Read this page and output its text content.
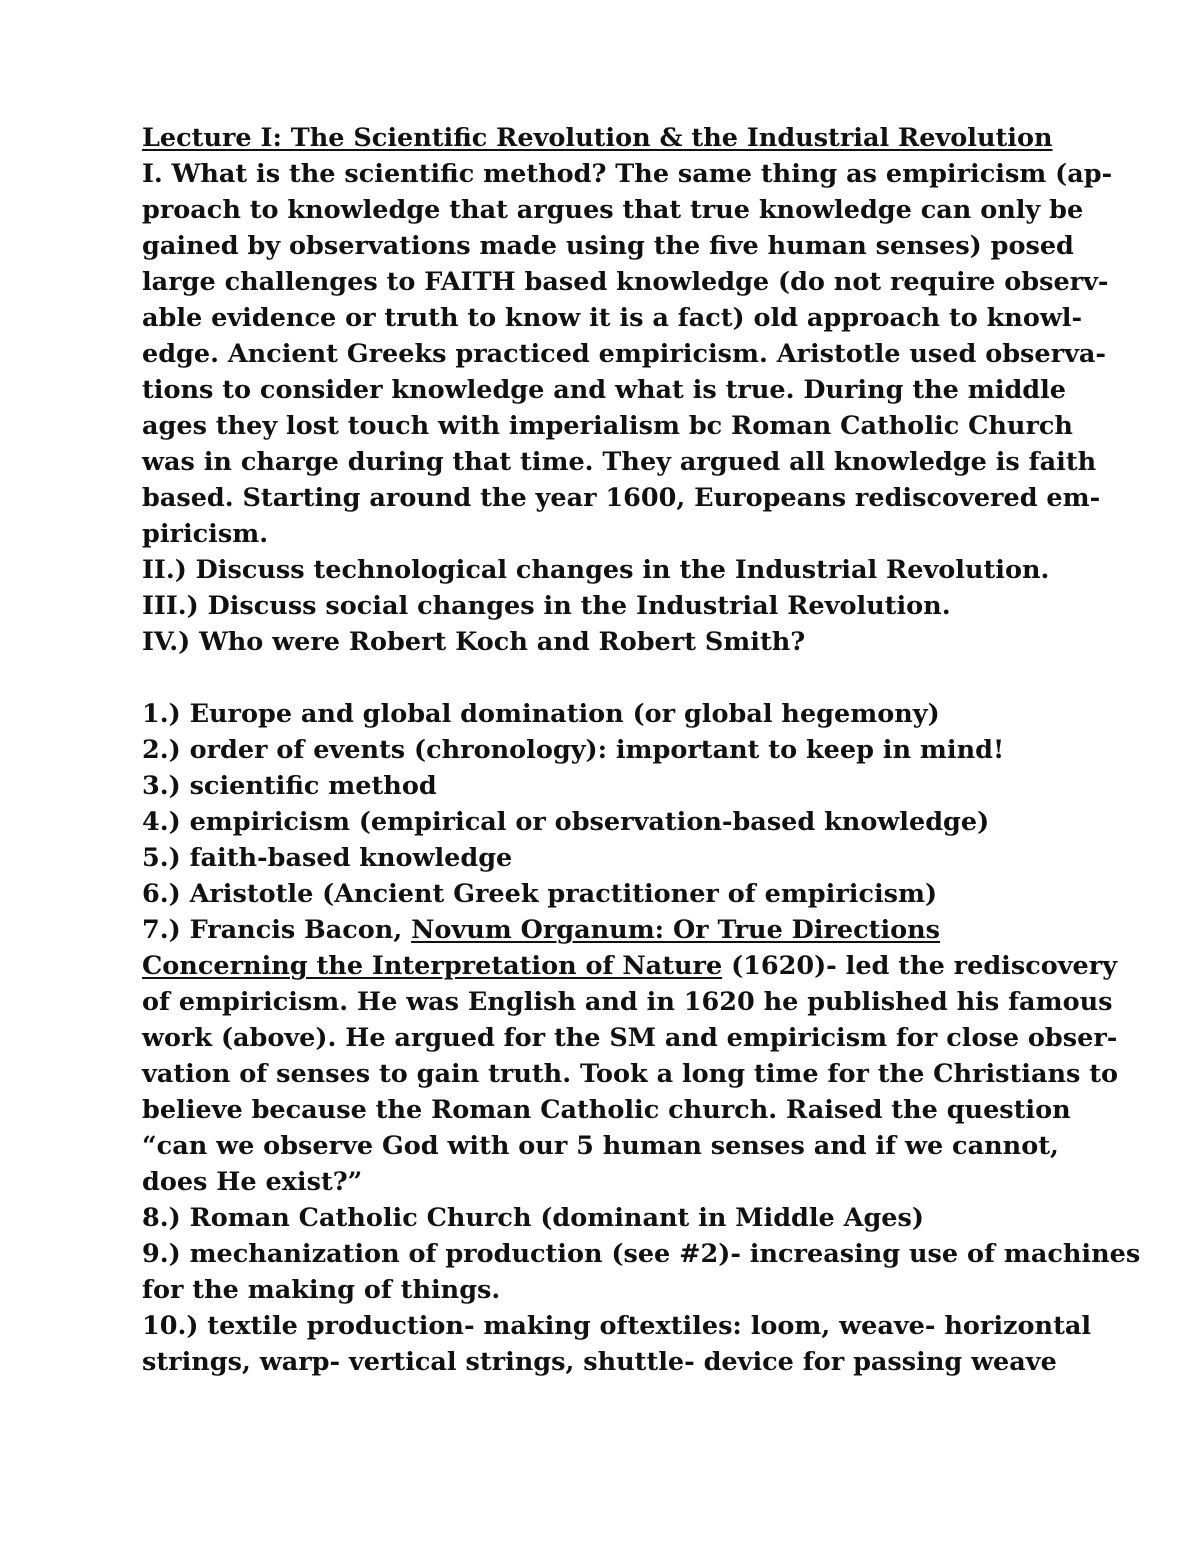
Lecture I: The Scientific Revolution & the Industrial Revolution
I. What is the scientific method? The same thing as empiricism (ap-
proach to knowledge that argues that true knowledge can only be
gained by observations made using the five human senses) posed
large challenges to FAITH based knowledge (do not require observ-
able evidence or truth to know it is a fact) old approach to knowl-
edge. Ancient Greeks practiced empiricism. Aristotle used observa-
tions to consider knowledge and what is true. During the middle
ages they lost touch with imperialism bc Roman Catholic Church
was in charge during that time. They argued all knowledge is faith
based. Starting around the year 1600, Europeans rediscovered em-
piricism.
II.) Discuss technological changes in the Industrial Revolution.
III.) Discuss social changes in the Industrial Revolution.
IV.) Who were Robert Koch and Robert Smith?
1.) Europe and global domination (or global hegemony)
2.) order of events (chronology): important to keep in mind!
3.) scientific method
4.) empiricism (empirical or observation-based knowledge)
5.) faith-based knowledge
6.) Aristotle (Ancient Greek practitioner of empiricism)
7.) Francis Bacon, Novum Organum: Or True Directions
Concerning the Interpretation of Nature (1620)- led the rediscovery
of empiricism. He was English and in 1620 he published his famous
work (above). He argued for the SM and empiricism for close obser-
vation of senses to gain truth. Took a long time for the Christians to
believe because the Roman Catholic church. Raised the question
“can we observe God with our 5 human senses and if we cannot,
does He exist?”
8.) Roman Catholic Church (dominant in Middle Ages)
9.) mechanization of production (see #2)- increasing use of machines
for the making of things.
10.) textile production- making oftextiles: loom, weave- horizontal
strings, warp- vertical strings, shuttle- device for passing weave
